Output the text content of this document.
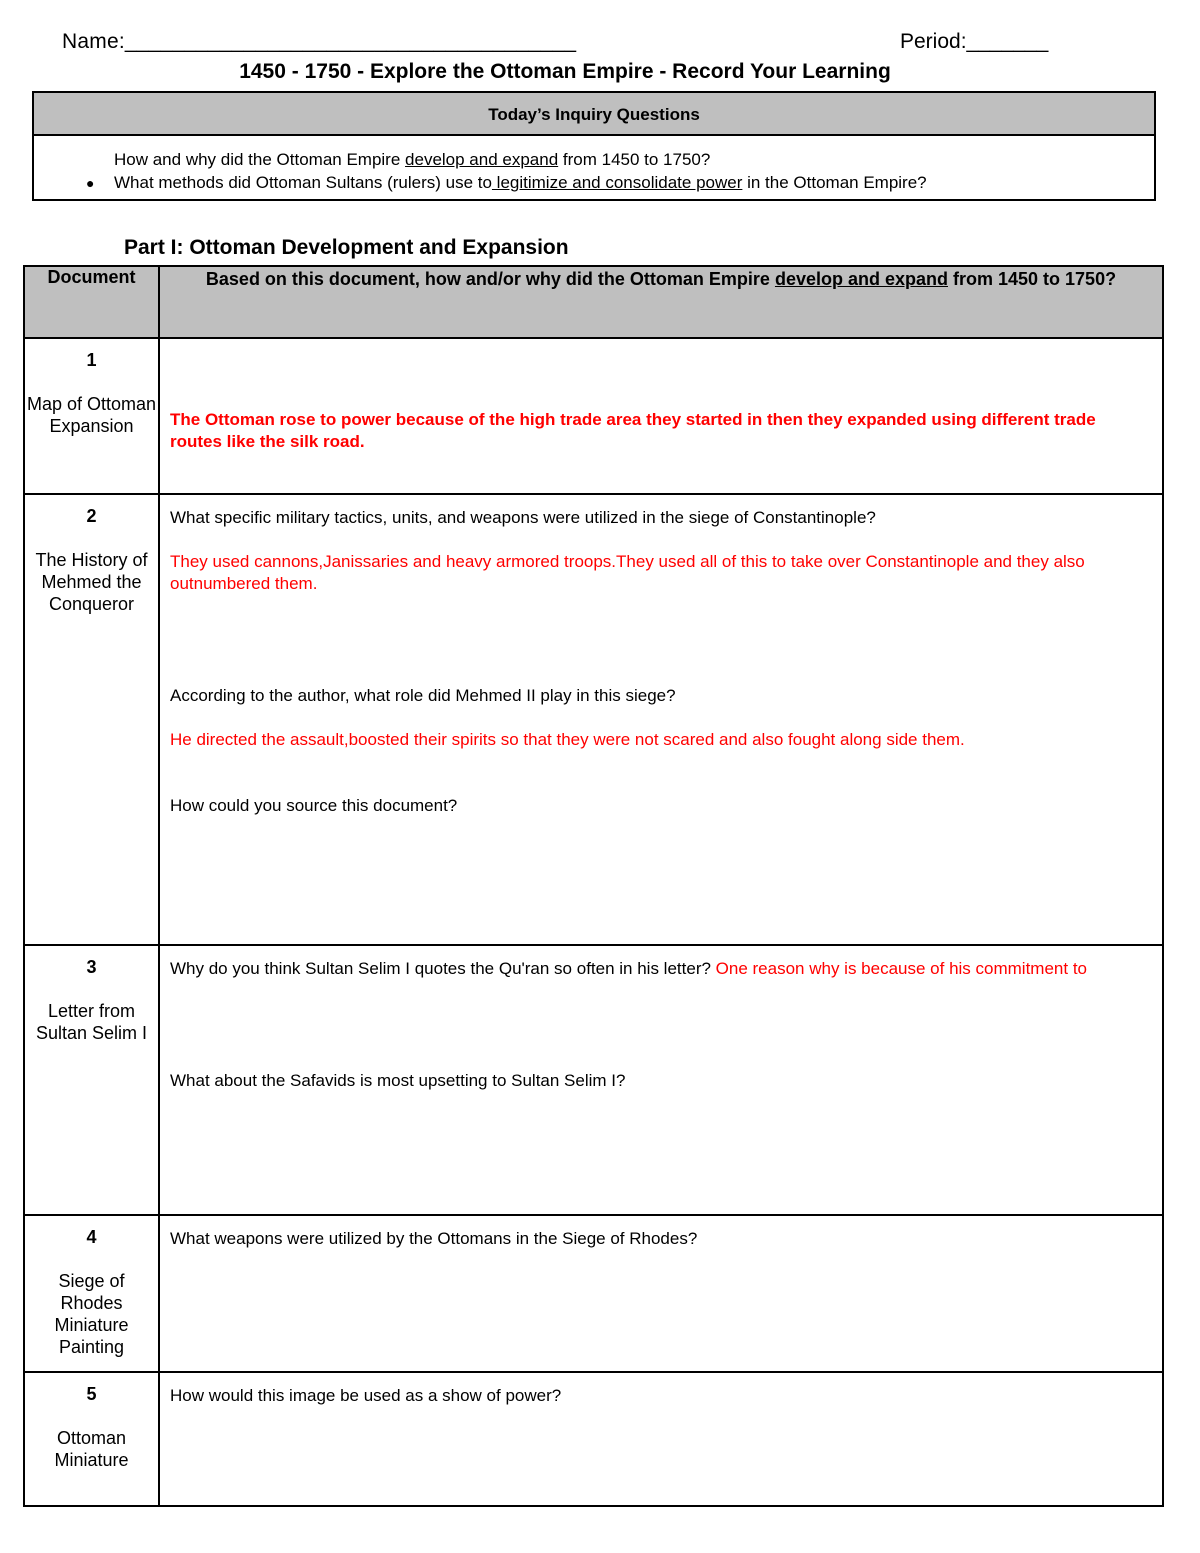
Name:______________________________________	Period:_______
1450 - 1750 - Explore the Ottoman Empire - Record Your Learning
Today’s Inquiry Questions
How and why did the Ottoman Empire develop and expand from 1450 to 1750?
● What methods did Ottoman Sultans (rulers) use to legitimize and consolidate power in the Ottoman Empire?
Part I: Ottoman Development and Expansion
Document	Based on this document, how and/or why did the Ottoman Empire develop and expand from 1450 to 1750?

1
Map of Ottoman Expansion	The Ottoman rose to power because of the high trade area they started in then they expanded using different trade routes like the silk road.

2
The History of Mehmed the Conqueror	What specific military tactics, units, and weapons were utilized in the siege of Constantinople?
They used cannons,Janissaries and heavy armored troops.They used all of this to take over Constantinople and they also outnumbered them.
According to the author, what role did Mehmed II play in this siege?
He directed the assault,boosted their spirits so that they were not scared and also fought along side them.
How could you source this document?

3
Letter from Sultan Selim I	Why do you think Sultan Selim I quotes the Qu'ran so often in his letter? One reason why is because of his commitment to
What about the Safavids is most upsetting to Sultan Selim I?

4
Siege of Rhodes Miniature Painting	What weapons were utilized by the Ottomans in the Siege of Rhodes?

5
Ottoman Miniature	How would this image be used as a show of power?
